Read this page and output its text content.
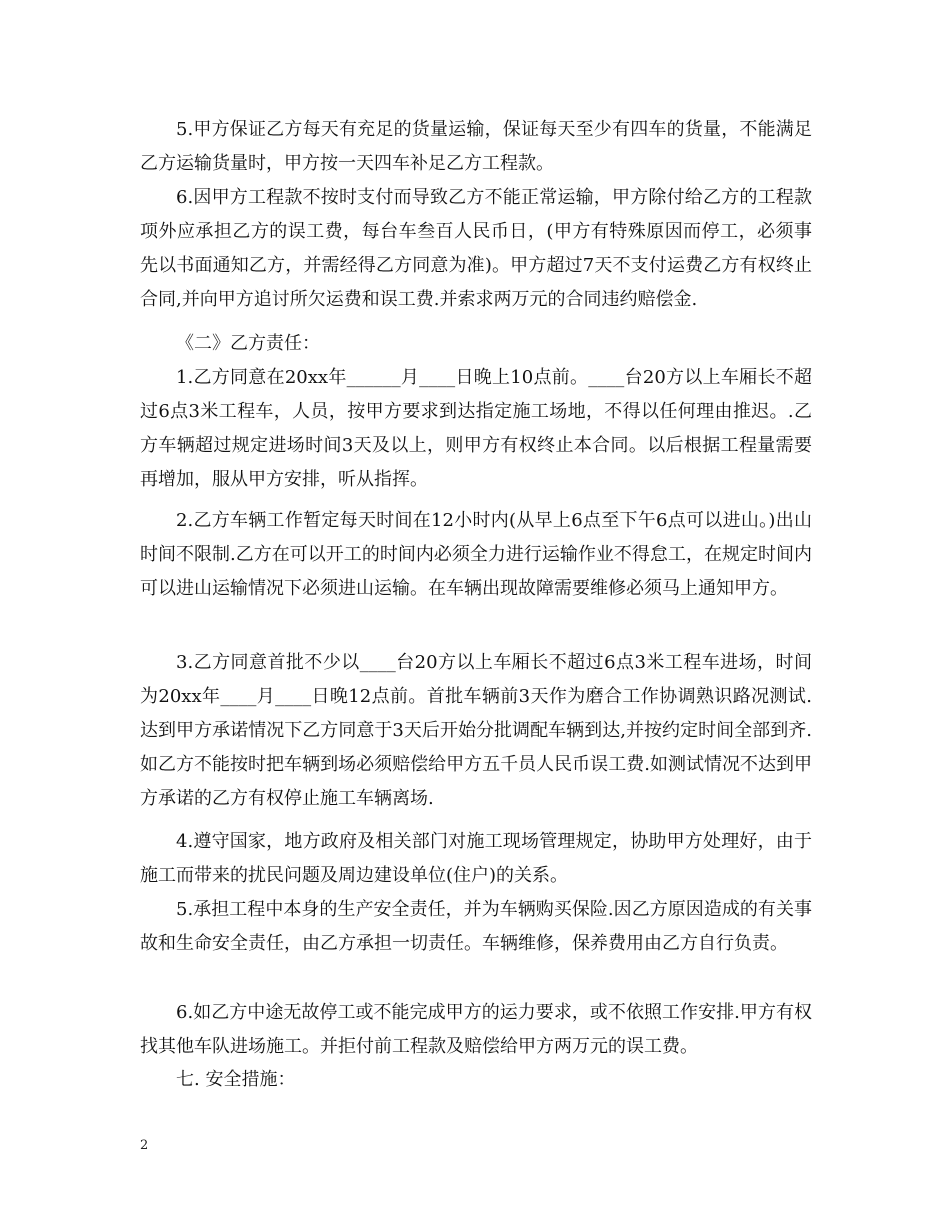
5.甲方保证乙方每天有充足的货量运输，保证每天至少有四车的货量，不能满足乙方运输货量时，甲方按一天四车补足乙方工程款。

6.因甲方工程款不按时支付而导致乙方不能正常运输，甲方除付给乙方的工程款项外应承担乙方的误工费，每台车叁百人民币日，(甲方有特殊原因而停工，必须事先以书面通知乙方，并需经得乙方同意为准)。甲方超过7天不支付运费乙方有权终止合同,并向甲方追讨所欠运费和误工费.并索求两万元的合同违约赔偿金.

《二》乙方责任：

1.乙方同意在20xx年______月____日晚上10点前。____台20方以上车厢长不超过6点3米工程车，人员，按甲方要求到达指定施工场地，不得以任何理由推迟。.乙方车辆超过规定进场时间3天及以上，则甲方有权终止本合同。以后根据工程量需要再增加，服从甲方安排，听从指挥。

2.乙方车辆工作暂定每天时间在12小时内(从早上6点至下午6点可以进山。)出山时间不限制.乙方在可以开工的时间内必须全力进行运输作业不得怠工，在规定时间内可以进山运输情况下必须进山运输。在车辆出现故障需要维修必须马上通知甲方。

3.乙方同意首批不少以____台20方以上车厢长不超过6点3米工程车进场，时间为20xx年____月____日晚12点前。首批车辆前3天作为磨合工作协调熟识路况测试.达到甲方承诺情况下乙方同意于3天后开始分批调配车辆到达,并按约定时间全部到齐.如乙方不能按时把车辆到场必须赔偿给甲方五千员人民币误工费.如测试情况不达到甲方承诺的乙方有权停止施工车辆离场.

4.遵守国家，地方政府及相关部门对施工现场管理规定，协助甲方处理好，由于施工而带来的扰民问题及周边建设单位(住户)的关系。

5.承担工程中本身的生产安全责任，并为车辆购买保险.因乙方原因造成的有关事故和生命安全责任，由乙方承担一切责任。车辆维修，保养费用由乙方自行负责。

6.如乙方中途无故停工或不能完成甲方的运力要求，或不依照工作安排.甲方有权找其他车队进场施工。并拒付前工程款及赔偿给甲方两万元的误工费。

七. 安全措施：

2
